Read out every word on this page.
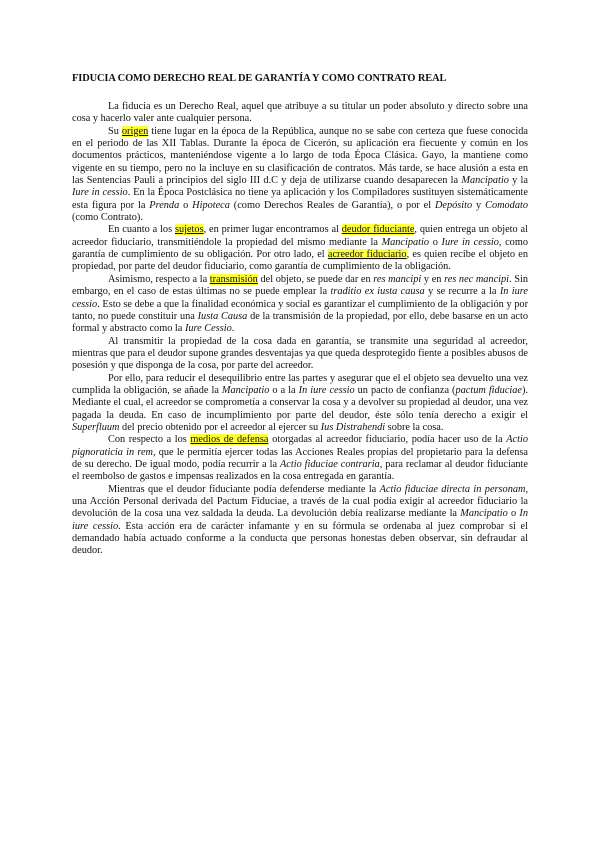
FIDUCIA COMO DERECHO REAL DE GARANTÍA Y COMO CONTRATO REAL

La fiducia es un Derecho Real, aquel que atribuye a su titular un poder absoluto y directo sobre una cosa y hacerlo valer ante cualquier persona.

Su origen tiene lugar en la época de la República, aunque no se sabe con certeza que fuese conocida en el periodo de las XII Tablas. Durante la época de Cicerón, su aplicación era fiecuente y común en los documentos prácticos, manteniéndose vigente a lo largo de toda Época Clásica. Gayo, la mantiene como vigente en su tiempo, pero no la incluye en su clasificación de contratos. Más tarde, se hace alusión a esta en las Sentencias Pauli a principios del siglo III d.C y deja de utilizarse cuando desaparecen la Mancipatio y la Iure in cessio. En la Época Postclásica no tiene ya aplicación y los Compiladores sustituyen sistemáticamente esta figura por la Prenda o Hipoteca (como Derechos Reales de Garantía), o por el Depósito y Comodato (como Contrato).

En cuanto a los sujetos, en primer lugar encontramos al deudor fiduciante, quien entrega un objeto al acreedor fiduciario, transmitiéndole la propiedad del mismo mediante la Mancipatio o Iure in cessio, como garantía de cumplimiento de su obligación. Por otro lado, el acreedor fiduciario, es quien recibe el objeto en propiedad, por parte del deudor fiduciario, como garantía de cumplimiento de la obligación.

Asimismo, respecto a la transmisión del objeto, se puede dar en res mancipi y en res nec mancipi. Sin embargo, en el caso de estas últimas no se puede emplear la traditio ex iusta causa y se recurre a la In iure cessio. Esto se debe a que la finalidad económica y social es garantizar el cumplimiento de la obligación y por tanto, no puede constituir una Iusta Causa de la transmisión de la propiedad, por ello, debe basarse en un acto formal y abstracto como la Iure Cessio.

Al transmitir la propiedad de la cosa dada en garantía, se transmite una seguridad al acreedor, mientras que para el deudor supone grandes desventajas ya que queda desprotegido fiente a posibles abusos de posesión y que disponga de la cosa, por parte del acreedor.

Por ello, para reducir el desequilibrio entre las partes y asegurar que el el objeto sea devuelto una vez cumplida la obligación, se añade la Mancipatio o a la In iure cessio un pacto de confianza (pactum fiduciae). Mediante el cual, el acreedor se comprometía a conservar la cosa y a devolver su propiedad al deudor, una vez pagada la deuda. En caso de incumplimiento por parte del deudor, éste sólo tenía derecho a exigir el Superfluum del precio obtenido por el acreedor al ejercer su Ius Distrahendi sobre la cosa.

Con respecto a los medios de defensa otorgadas al acreedor fiduciario, podía hacer uso de la Actio pignoraticia in rem, que le permitía ejercer todas las Acciones Reales propias del propietario para la defensa de su derecho. De igual modo, podía recurrir a la Actio fiduciae contraria, para reclamar al deudor fiduciante el reembolso de gastos e impensas realizados en la cosa entregada en garantía.

Mientras que el deudor fiduciante podía defenderse mediante la Actio fiduciae directa in personam, una Acción Personal derivada del Pactum Fiduciae, a través de la cual podía exigir al acreedor fiduciario la devolución de la cosa una vez saldada la deuda. La devolución debía realizarse mediante la Mancipatio o In iure cessio. Esta acción era de carácter infamante y en su fórmula se ordenaba al juez comprobar si el demandado había actuado conforme a la conducta que personas honestas deben observar, sin defraudar al deudor.
